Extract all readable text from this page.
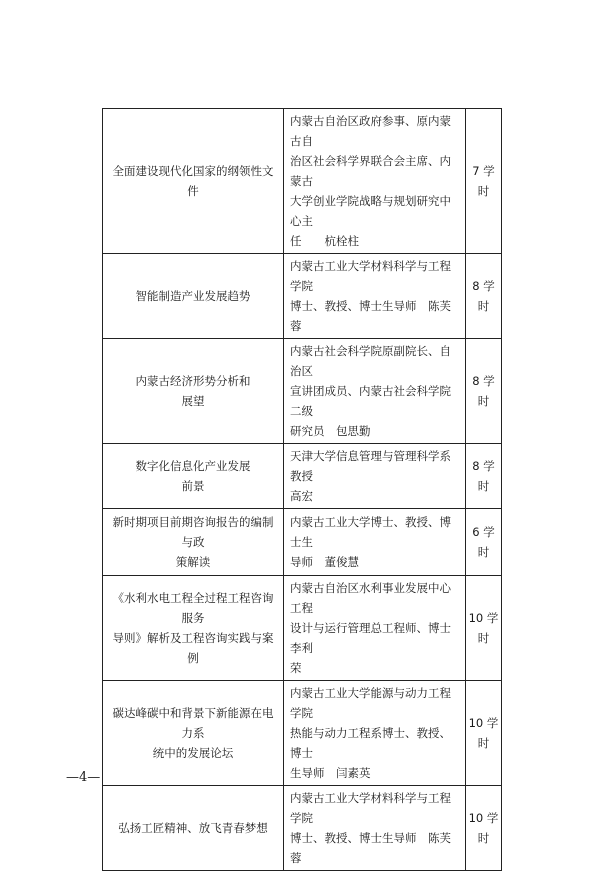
全面建设现代化国家的纲领性文件	内蒙古自治区政府参事、原内蒙古自
治区社会科学界联合会主席、内蒙古
大学创业学院战略与规划研究中心主
任　　杭栓柱	7 学时

智能制造产业发展趋势	内蒙古工业大学材料科学与工程学院
博士、教授、博士生导师　陈芙蓉	8 学时

内蒙古经济形势分析和
展望	内蒙古社会科学院原副院长、自治区
宣讲团成员、内蒙古社会科学院二级
研究员　包思勤	8 学时

数字化信息化产业发展
前景	天津大学信息管理与管理科学系教授
高宏	8 学时

新时期项目前期咨询报告的编制与政
策解读	内蒙古工业大学博士、教授、博士生
导师　董俊慧	6 学时

《水利水电工程全过程工程咨询服务
导则》解析及工程咨询实践与案例	内蒙古自治区水利事业发展中心工程
设计与运行管理总工程师、博士　李利
荣	10 学
时

碳达峰碳中和背景下新能源在电力系
统中的发展论坛	内蒙古工业大学能源与动力工程学院
热能与动力工程系博士、教授、博士
生导师　闫素英	10 学
时

弘扬工匠精神、放飞青春梦想	内蒙古工业大学材料科学与工程学院
博士、教授、博士生导师　陈芙蓉	10 学
时
—4—
